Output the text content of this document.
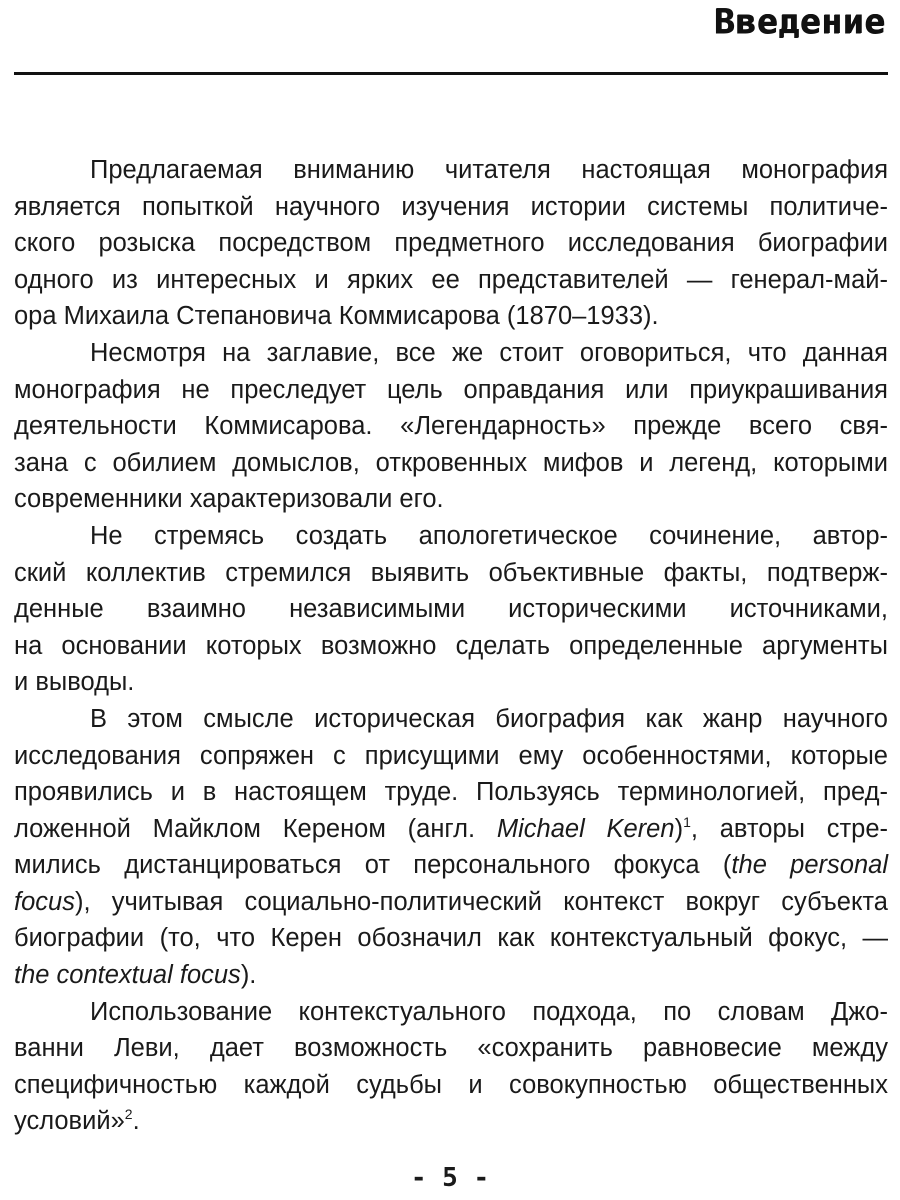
Введение
Предлагаемая вниманию читателя настоящая монография
является попыткой научного изучения истории системы политиче-
ского розыска посредством предметного исследования биографии
одного из интересных и ярких ее представителей — генерал-май-
ора Михаила Степановича Коммисарова (1870–1933).
Несмотря на заглавие, все же стоит оговориться, что данная
монография не преследует цель оправдания или приукрашивания
деятельности Коммисарова. «Легендарность» прежде всего свя-
зана с обилием домыслов, откровенных мифов и легенд, которыми
современники характеризовали его.
Не стремясь создать апологетическое сочинение, автор-
ский коллектив стремился выявить объективные факты, подтверж-
денные взаимно независимыми историческими источниками,
на основании которых возможно сделать определенные аргументы
и выводы.
В этом смысле историческая биография как жанр научного
исследования сопряжен с присущими ему особенностями, которые
проявились и в настоящем труде. Пользуясь терминологией, пред-
ложенной Майклом Кереном (англ. Michael Keren)$^1$, авторы стре-
мились дистанцироваться от персонального фокуса (the personal
focus), учитывая социально-политический контекст вокруг субъекта
биографии (то, что Керен обозначил как контекстуальный фокус, —
the contextual focus).
Использование контекстуального подхода, по словам Джо-
ванни Леви, дает возможность «сохранить равновесие между
специфичностью каждой судьбы и совокупностью общественных
условий»$^2$.
- 5 -
